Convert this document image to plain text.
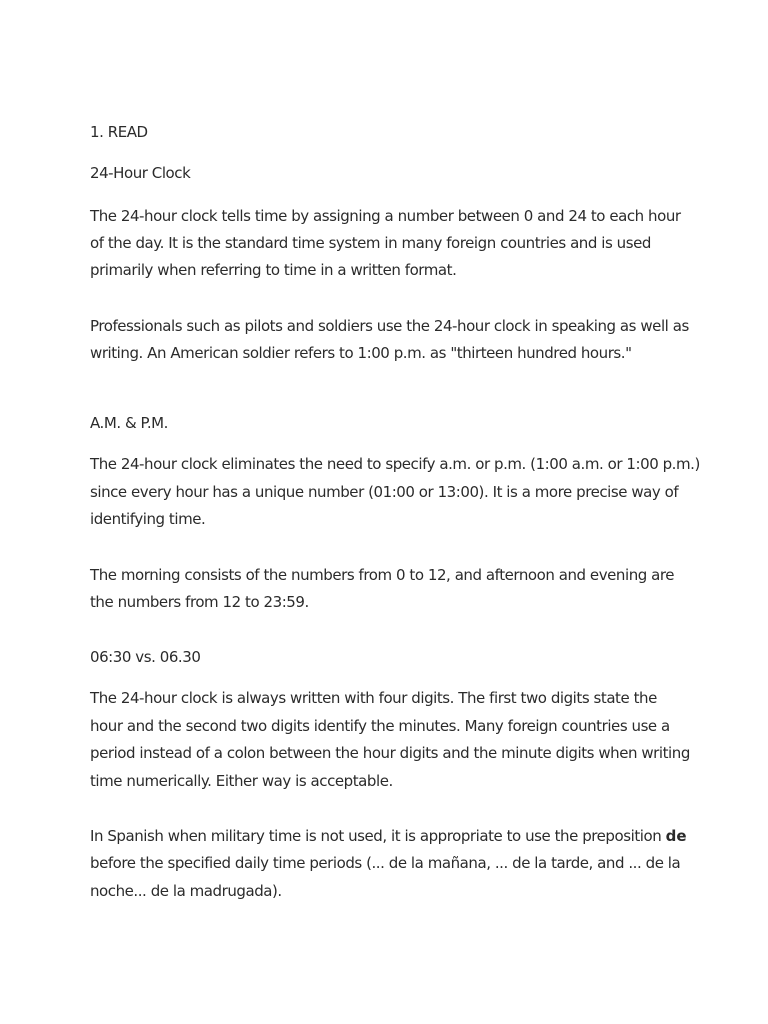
1. READ
24-Hour Clock
The 24-hour clock tells time by assigning a number between 0 and 24 to each hour
of the day. It is the standard time system in many foreign countries and is used
primarily when referring to time in a written format.
Professionals such as pilots and soldiers use the 24-hour clock in speaking as well as
writing. An American soldier refers to 1:00 p.m. as "thirteen hundred hours."
A.M. & P.M.
The 24-hour clock eliminates the need to specify a.m. or p.m. (1:00 a.m. or 1:00 p.m.)
since every hour has a unique number (01:00 or 13:00). It is a more precise way of
identifying time.
The morning consists of the numbers from 0 to 12, and afternoon and evening are
the numbers from 12 to 23:59.
06:30 vs. 06.30
The 24-hour clock is always written with four digits. The first two digits state the
hour and the second two digits identify the minutes. Many foreign countries use a
period instead of a colon between the hour digits and the minute digits when writing
time numerically. Either way is acceptable.
In Spanish when military time is not used, it is appropriate to use the preposition de
before the specified daily time periods (... de la mañana, ... de la tarde, and ... de la
noche... de la madrugada).
